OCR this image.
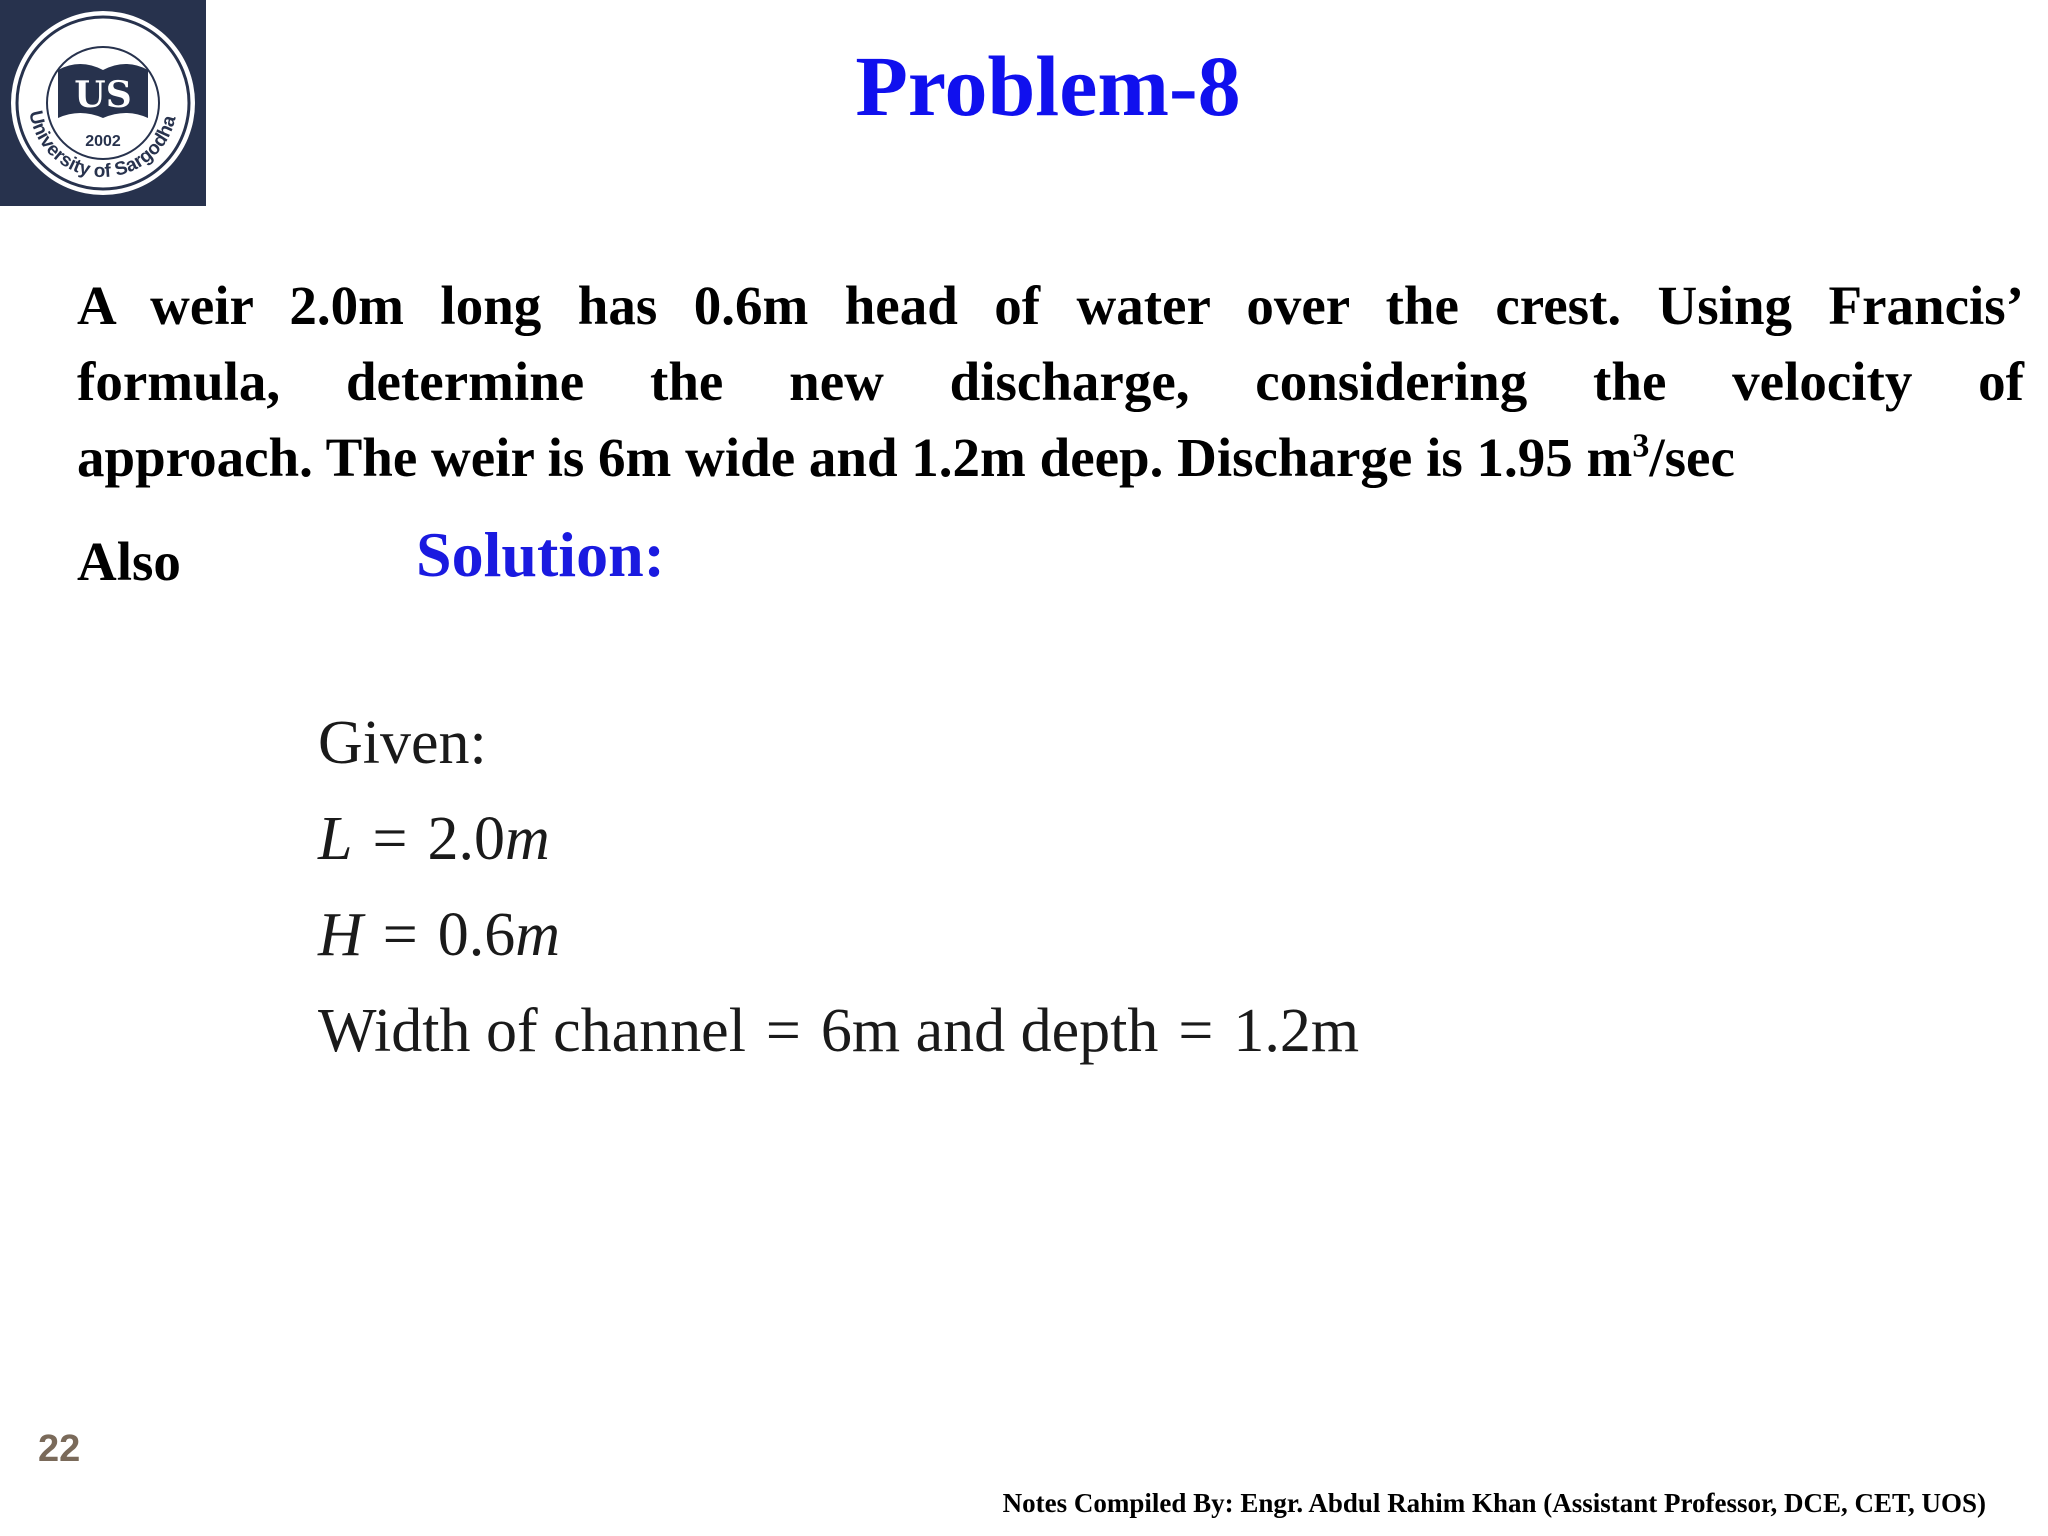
University of Sargodha
US
2002
Problem-8
A weir 2.0m long has 0.6m head of water over the crest. Using Francis’
formula, determine the new discharge, considering the velocity of
approach. The weir is 6m wide and 1.2m deep. Discharge is 1.95 $m^3/\sec$
Also	Solution:
Given:
L = 2.0m
H = 0.6m
Width of channel = 6m and depth = 1.2m
22
Notes Compiled By: Engr. Abdul Rahim Khan (Assistant Professor, DCE, CET, UOS)
